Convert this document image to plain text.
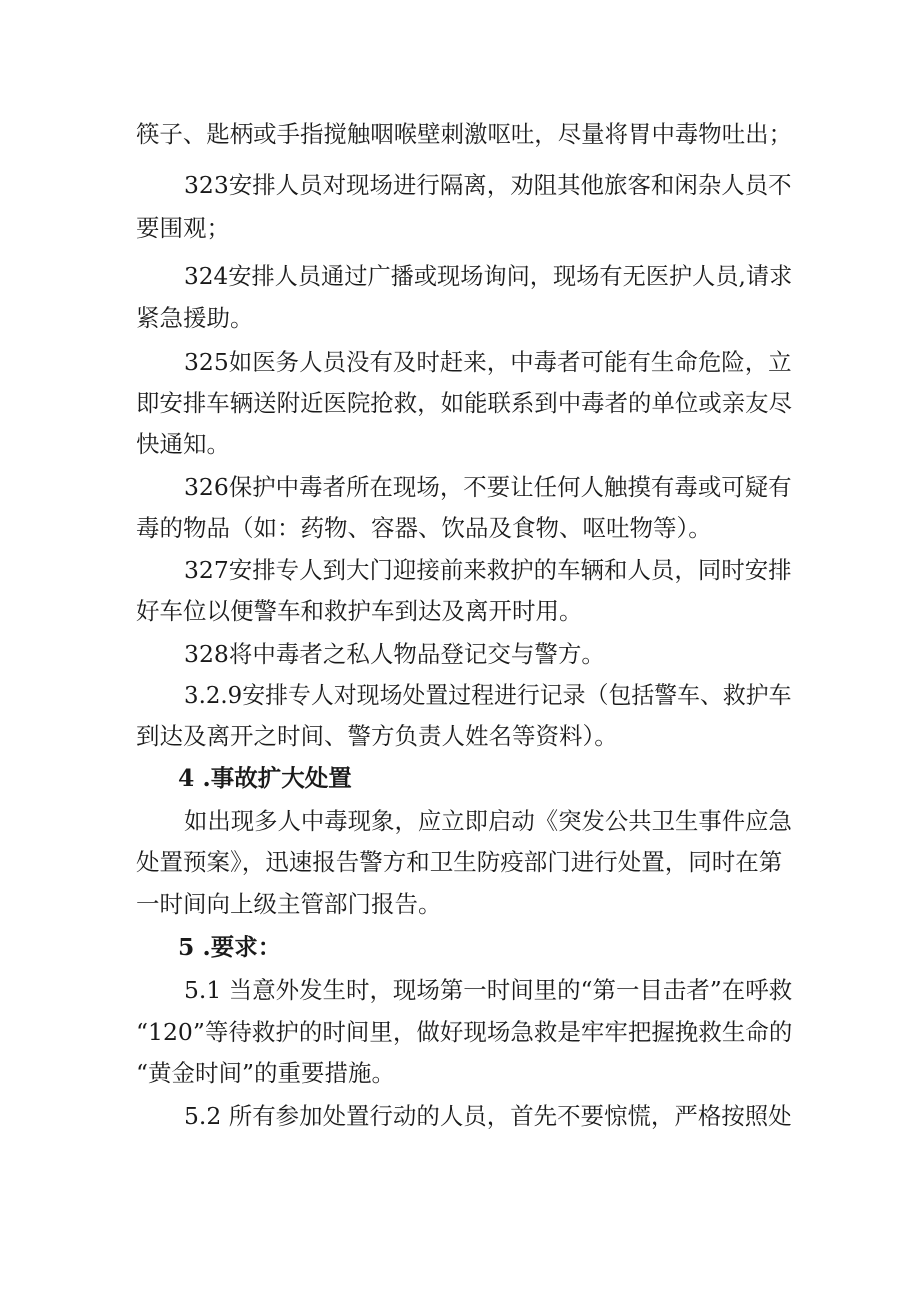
筷子、匙柄或手指搅触咽喉壁刺激呕吐，尽量将胃中毒物吐出；
323安排人员对现场进行隔离，劝阻其他旅客和闲杂人员不
要围观；
324安排人员通过广播或现场询问，现场有无医护人员,请求
紧急援助。
325如医务人员没有及时赶来，中毒者可能有生命危险，立
即安排车辆送附近医院抢救，如能联系到中毒者的单位或亲友尽
快通知。
326保护中毒者所在现场，不要让任何人触摸有毒或可疑有
毒的物品（如：药物、容器、饮品及食物、呕吐物等）。
327安排专人到大门迎接前来救护的车辆和人员，同时安排
好车位以便警车和救护车到达及离开时用。
328将中毒者之私人物品登记交与警方。
3.2.9安排专人对现场处置过程进行记录（包括警车、救护车
到达及离开之时间、警方负责人姓名等资料）。
4 .事故扩大处置
如出现多人中毒现象，应立即启动《突发公共卫生事件应急
处置预案》，迅速报告警方和卫生防疫部门进行处置，同时在第
一时间向上级主管部门报告。
5 .要求：
5.1 当意外发生时，现场第一时间里的“第一目击者”在呼救
“120”等待救护的时间里，做好现场急救是牢牢把握挽救生命的
“黄金时间”的重要措施。
5.2 所有参加处置行动的人员，首先不要惊慌，严格按照处
